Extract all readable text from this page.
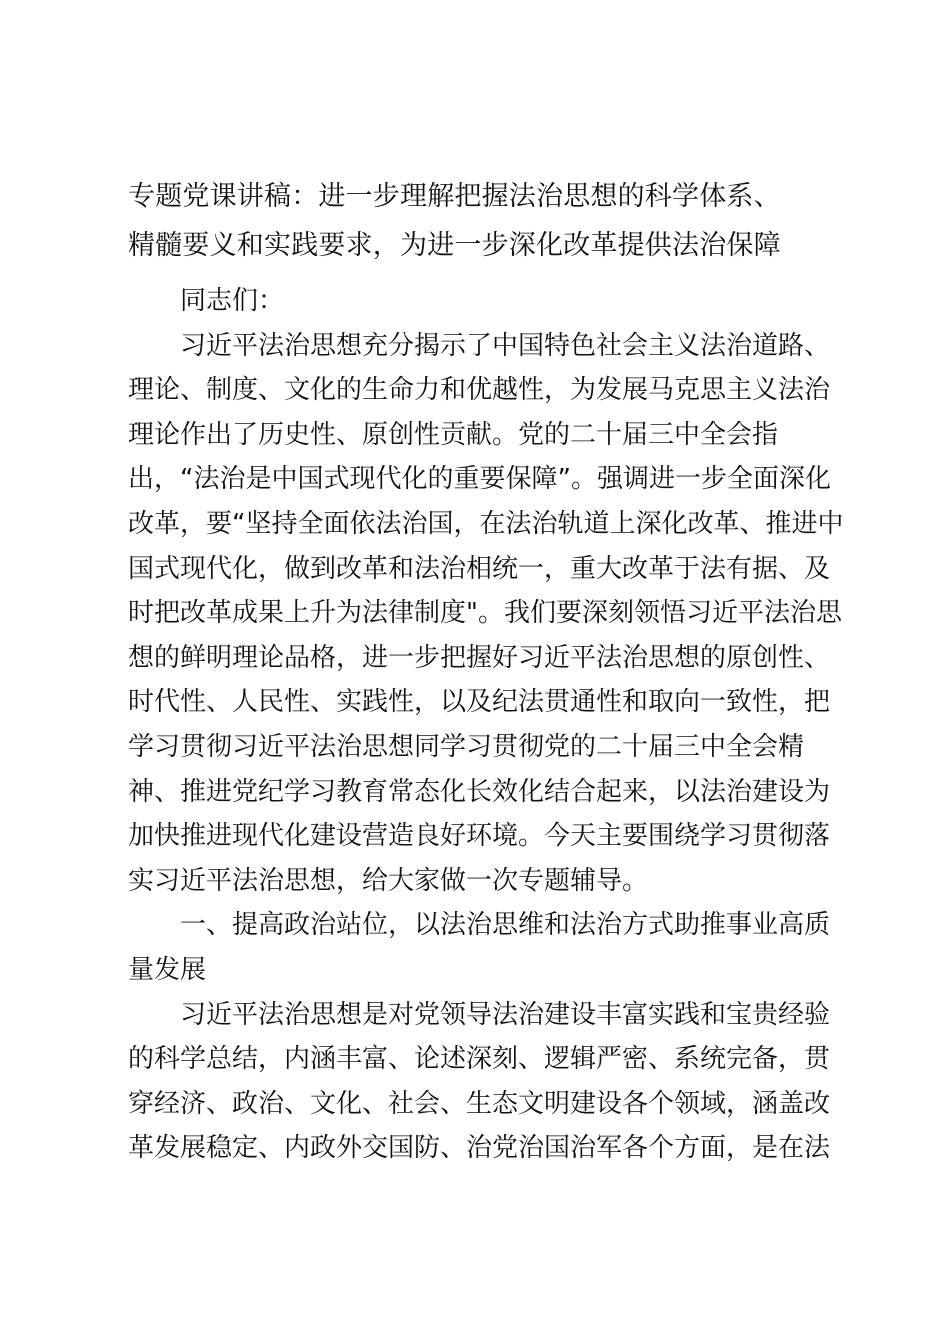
专题党课讲稿：进一步理解把握法治思想的科学体系、
精髓要义和实践要求，为进一步深化改革提供法治保障
同志们：
习近平法治思想充分揭示了中国特色社会主义法治道路、
理论、制度、文化的生命力和优越性，为发展马克思主义法治
理论作出了历史性、原创性贡献。党的二十届三中全会指
出，“法治是中国式现代化的重要保障”。强调进一步全面深化
改革，要“坚持全面依法治国，在法治轨道上深化改革、推进中
国式现代化，做到改革和法治相统一，重大改革于法有据、及
时把改革成果上升为法律制度"。我们要深刻领悟习近平法治思
想的鲜明理论品格，进一步把握好习近平法治思想的原创性、
时代性、人民性、实践性，以及纪法贯通性和取向一致性，把
学习贯彻习近平法治思想同学习贯彻党的二十届三中全会精
神、推进党纪学习教育常态化长效化结合起来，以法治建设为
加快推进现代化建设营造良好环境。今天主要围绕学习贯彻落
实习近平法治思想，给大家做一次专题辅导。
一、提高政治站位，以法治思维和法治方式助推事业高质
量发展
习近平法治思想是对党领导法治建设丰富实践和宝贵经验
的科学总结，内涵丰富、论述深刻、逻辑严密、系统完备，贯
穿经济、政治、文化、社会、生态文明建设各个领域，涵盖改
革发展稳定、内政外交国防、治党治国治军各个方面，是在法
